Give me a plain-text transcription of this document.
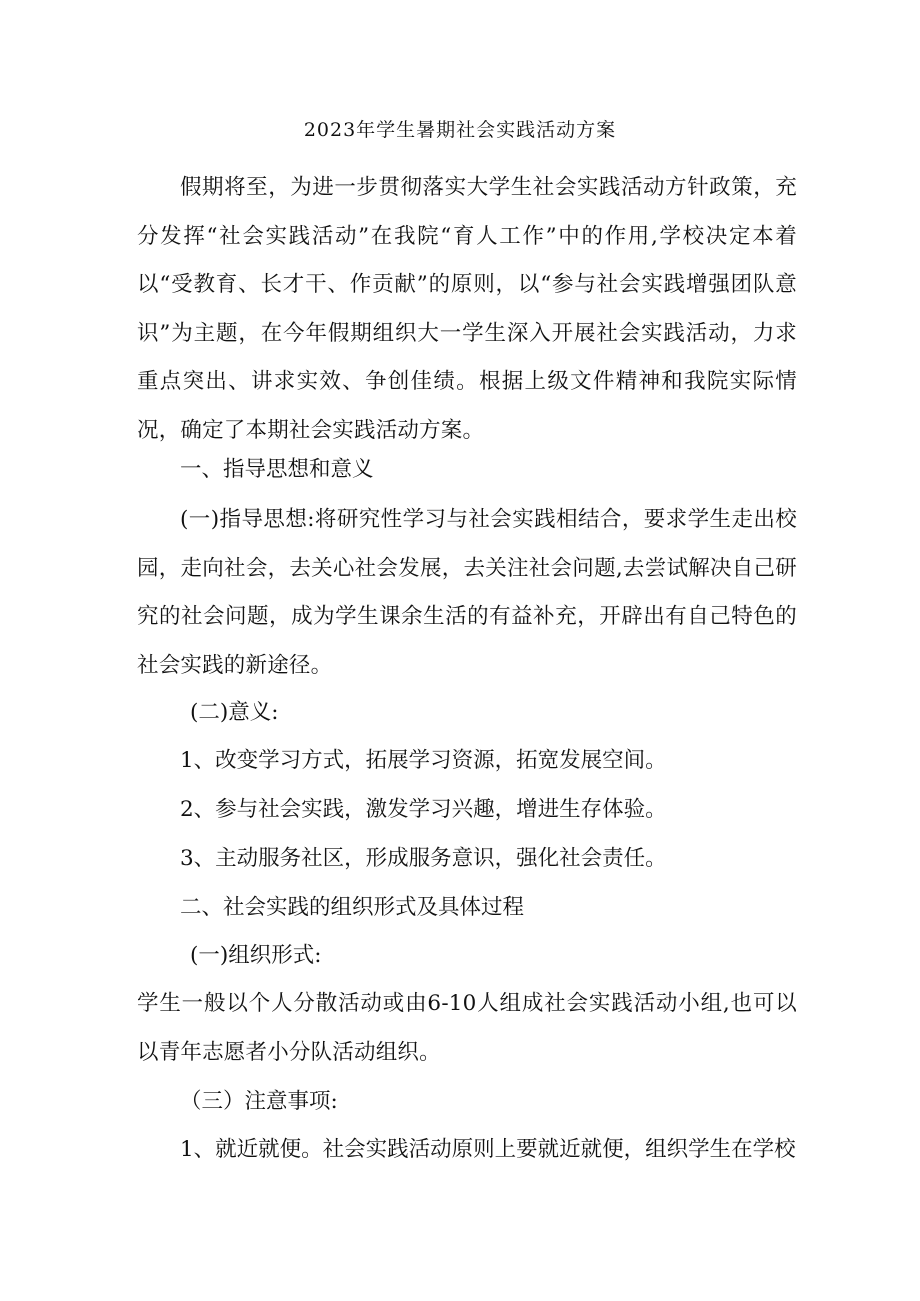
2023年学生暑期社会实践活动方案

假期将至，为进一步贯彻落实大学生社会实践活动方针政策，充分发挥“社会实践活动”在我院“育人工作”中的作用,学校决定本着以“受教育、长才干、作贡献”的原则，以“参与社会实践增强团队意识”为主题，在今年假期组织大一学生深入开展社会实践活动，力求重点突出、讲求实效、争创佳绩。根据上级文件精神和我院实际情况，确定了本期社会实践活动方案。

一、指导思想和意义

(一)指导思想:将研究性学习与社会实践相结合，要求学生走出校园，走向社会，去关心社会发展，去关注社会问题,去尝试解决自己研究的社会问题，成为学生课余生活的有益补充，开辟出有自己特色的社会实践的新途径。

(二)意义:

1、改变学习方式，拓展学习资源，拓宽发展空间。

2、参与社会实践，激发学习兴趣，增进生存体验。

3、主动服务社区，形成服务意识，强化社会责任。

二、社会实践的组织形式及具体过程

(一)组织形式:

学生一般以个人分散活动或由6-10人组成社会实践活动小组,也可以以青年志愿者小分队活动组织。

（三）注意事项:

1、就近就便。社会实践活动原则上要就近就便，组织学生在学校
